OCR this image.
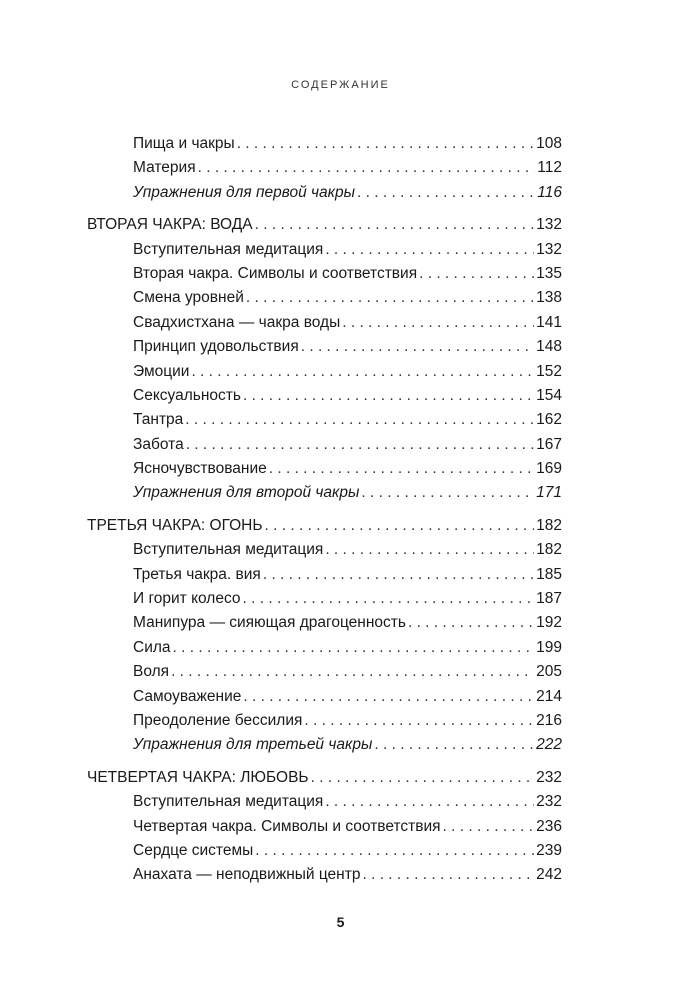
СОДЕРЖАНИЕ
Пища и чакры . . .	108
Материя . . .	112
Упражнения для первой чакры . . .	116
ВТОРАЯ ЧАКРА: ВОДА . . .	132
Вступительная медитация . . .	132
Вторая чакра. Символы и соответствия . . .	135
Смена уровней . . .	138
Свадхистхана — чакра воды . . .	141
Принцип удовольствия . . .	148
Эмоции . . .	152
Сексуальность . . .	154
Тантра . . .	162
Забота . . .	167
Ясночувствование . . .	169
Упражнения для второй чакры . . .	171
ТРЕТЬЯ ЧАКРА: ОГОНЬ . . .	182
Вступительная медитация . . .	182
Третья чакра. вия . . .	185
И горит колесо . . .	187
Манипура — сияющая драгоценность . . .	192
Сила . . .	199
Воля . . .	205
Самоуважение . . .	214
Преодоление бессилия . . .	216
Упражнения для третьей чакры . . .	222
ЧЕТВЕРТАЯ ЧАКРА: ЛЮБОВЬ . . .	232
Вступительная медитация . . .	232
Четвертая чакра. Символы и соответствия . . .	236
Сердце системы . . .	239
Анахата — неподвижный центр . . .	242
5
